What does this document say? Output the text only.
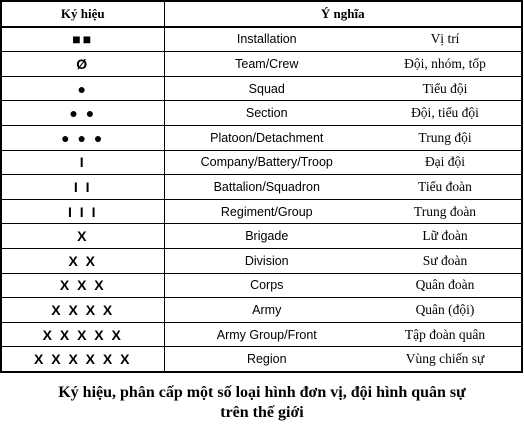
Ký hiệu	Ý nghĩa	
■■	Installation	Vị trí
Ø	Team/Crew	Đội, nhóm, tốp
●	Squad	Tiểu đội
● ●	Section	Đội, tiểu đội
● ● ●	Platoon/Detachment	Trung đội
I	Company/Battery/Troop	Đại đội
I I	Battalion/Squadron	Tiểu đoàn
I I I	Regiment/Group	Trung đoàn
X	Brigade	Lữ đoàn
X X	Division	Sư đoàn
X X X	Corps	Quân đoàn
X X X X	Army	Quân (đội)
X X X X X	Army Group/Front	Tập đoàn quân
X X X X X X	Region	Vùng chiến sự
Ký hiệu, phân cấp một số loại hình đơn vị, đội hình quân sự
trên thế giới
